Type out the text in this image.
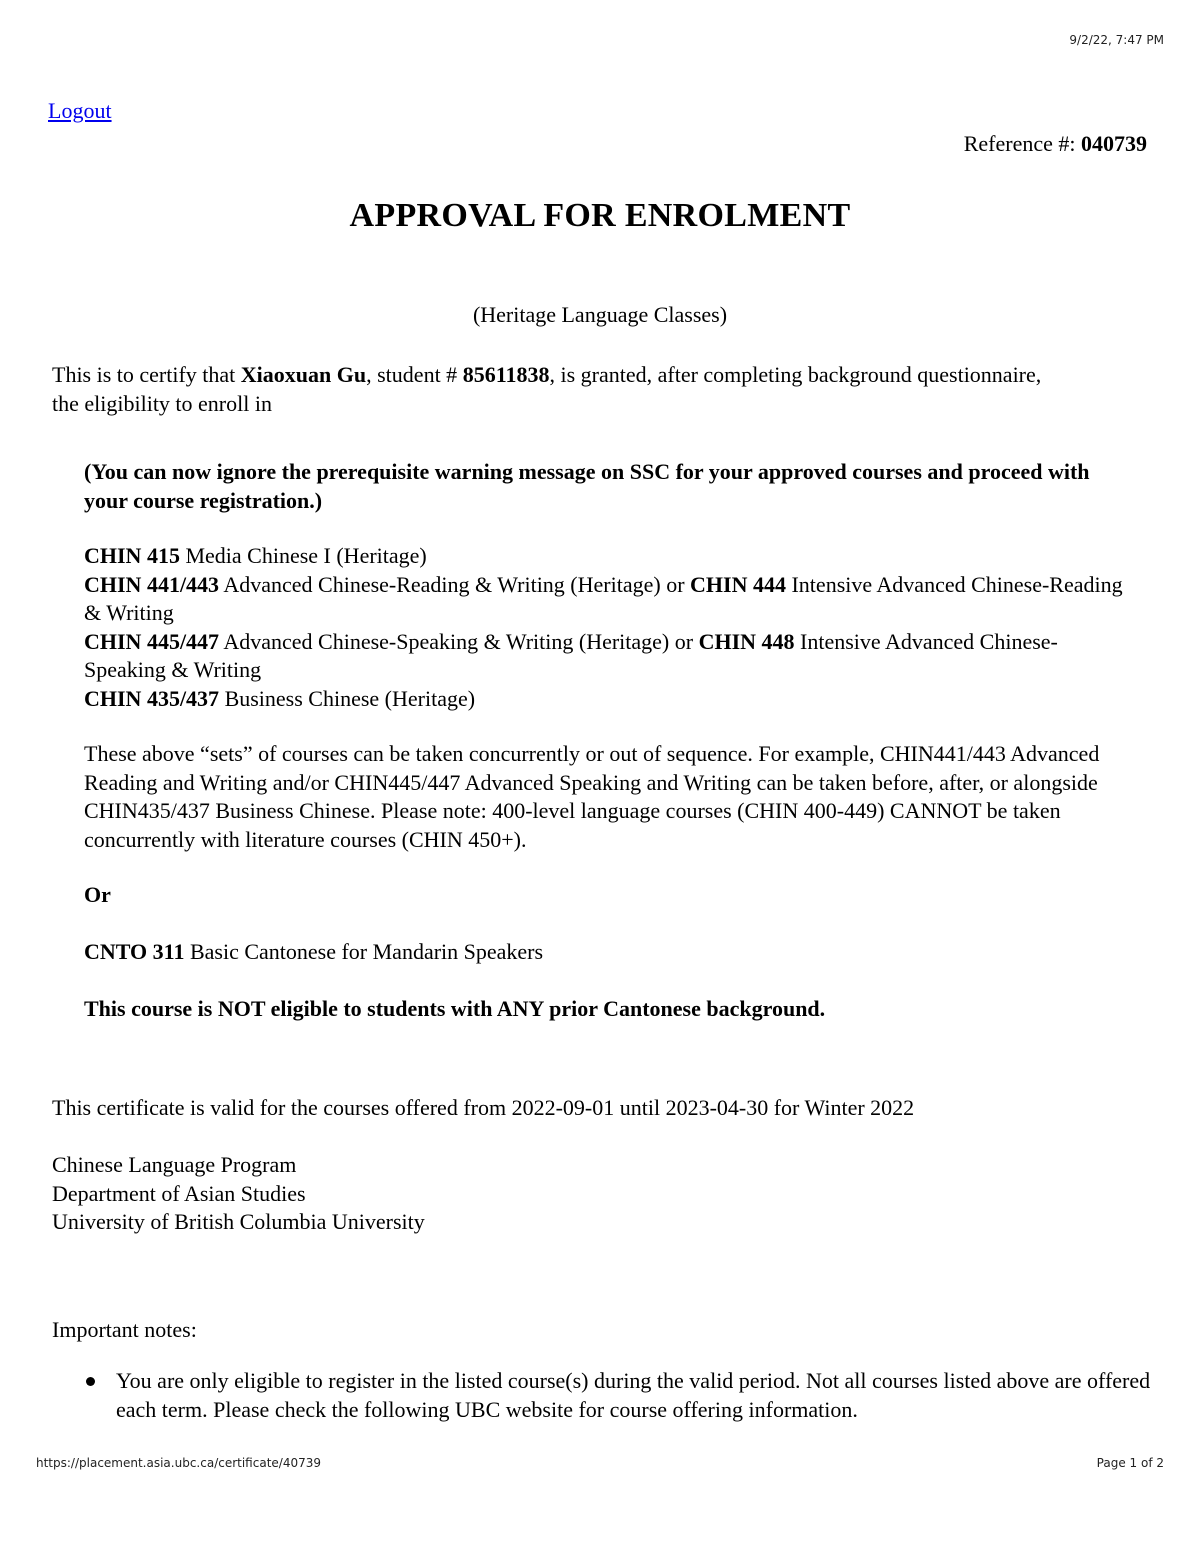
9/2/22, 7:47 PM
Logout
Reference #: 040739
APPROVAL FOR ENROLMENT
(Heritage Language Classes)

This is to certify that Xiaoxuan Gu, student # 85611838, is granted, after completing background questionnaire, the eligibility to enroll in

(You can now ignore the prerequisite warning message on SSC for your approved courses and proceed with your course registration.)

CHIN 415 Media Chinese I (Heritage)
CHIN 441/443 Advanced Chinese-Reading & Writing (Heritage) or CHIN 444 Intensive Advanced Chinese-Reading & Writing
CHIN 445/447 Advanced Chinese-Speaking & Writing (Heritage) or CHIN 448 Intensive Advanced Chinese-Speaking & Writing
CHIN 435/437 Business Chinese (Heritage)

These above “sets” of courses can be taken concurrently or out of sequence. For example, CHIN441/443 Advanced Reading and Writing and/or CHIN445/447 Advanced Speaking and Writing can be taken before, after, or alongside CHIN435/437 Business Chinese. Please note: 400-level language courses (CHIN 400-449) CANNOT be taken concurrently with literature courses (CHIN 450+).

Or

CNTO 311 Basic Cantonese for Mandarin Speakers

This course is NOT eligible to students with ANY prior Cantonese background.

This certificate is valid for the courses offered from 2022-09-01 until 2023-04-30 for Winter 2022

Chinese Language Program
Department of Asian Studies
University of British Columbia University

Important notes:

You are only eligible to register in the listed course(s) during the valid period. Not all courses listed above are offered each term. Please check the following UBC website for course offering information.
https://placement.asia.ubc.ca/certificate/40739	Page 1 of 2
